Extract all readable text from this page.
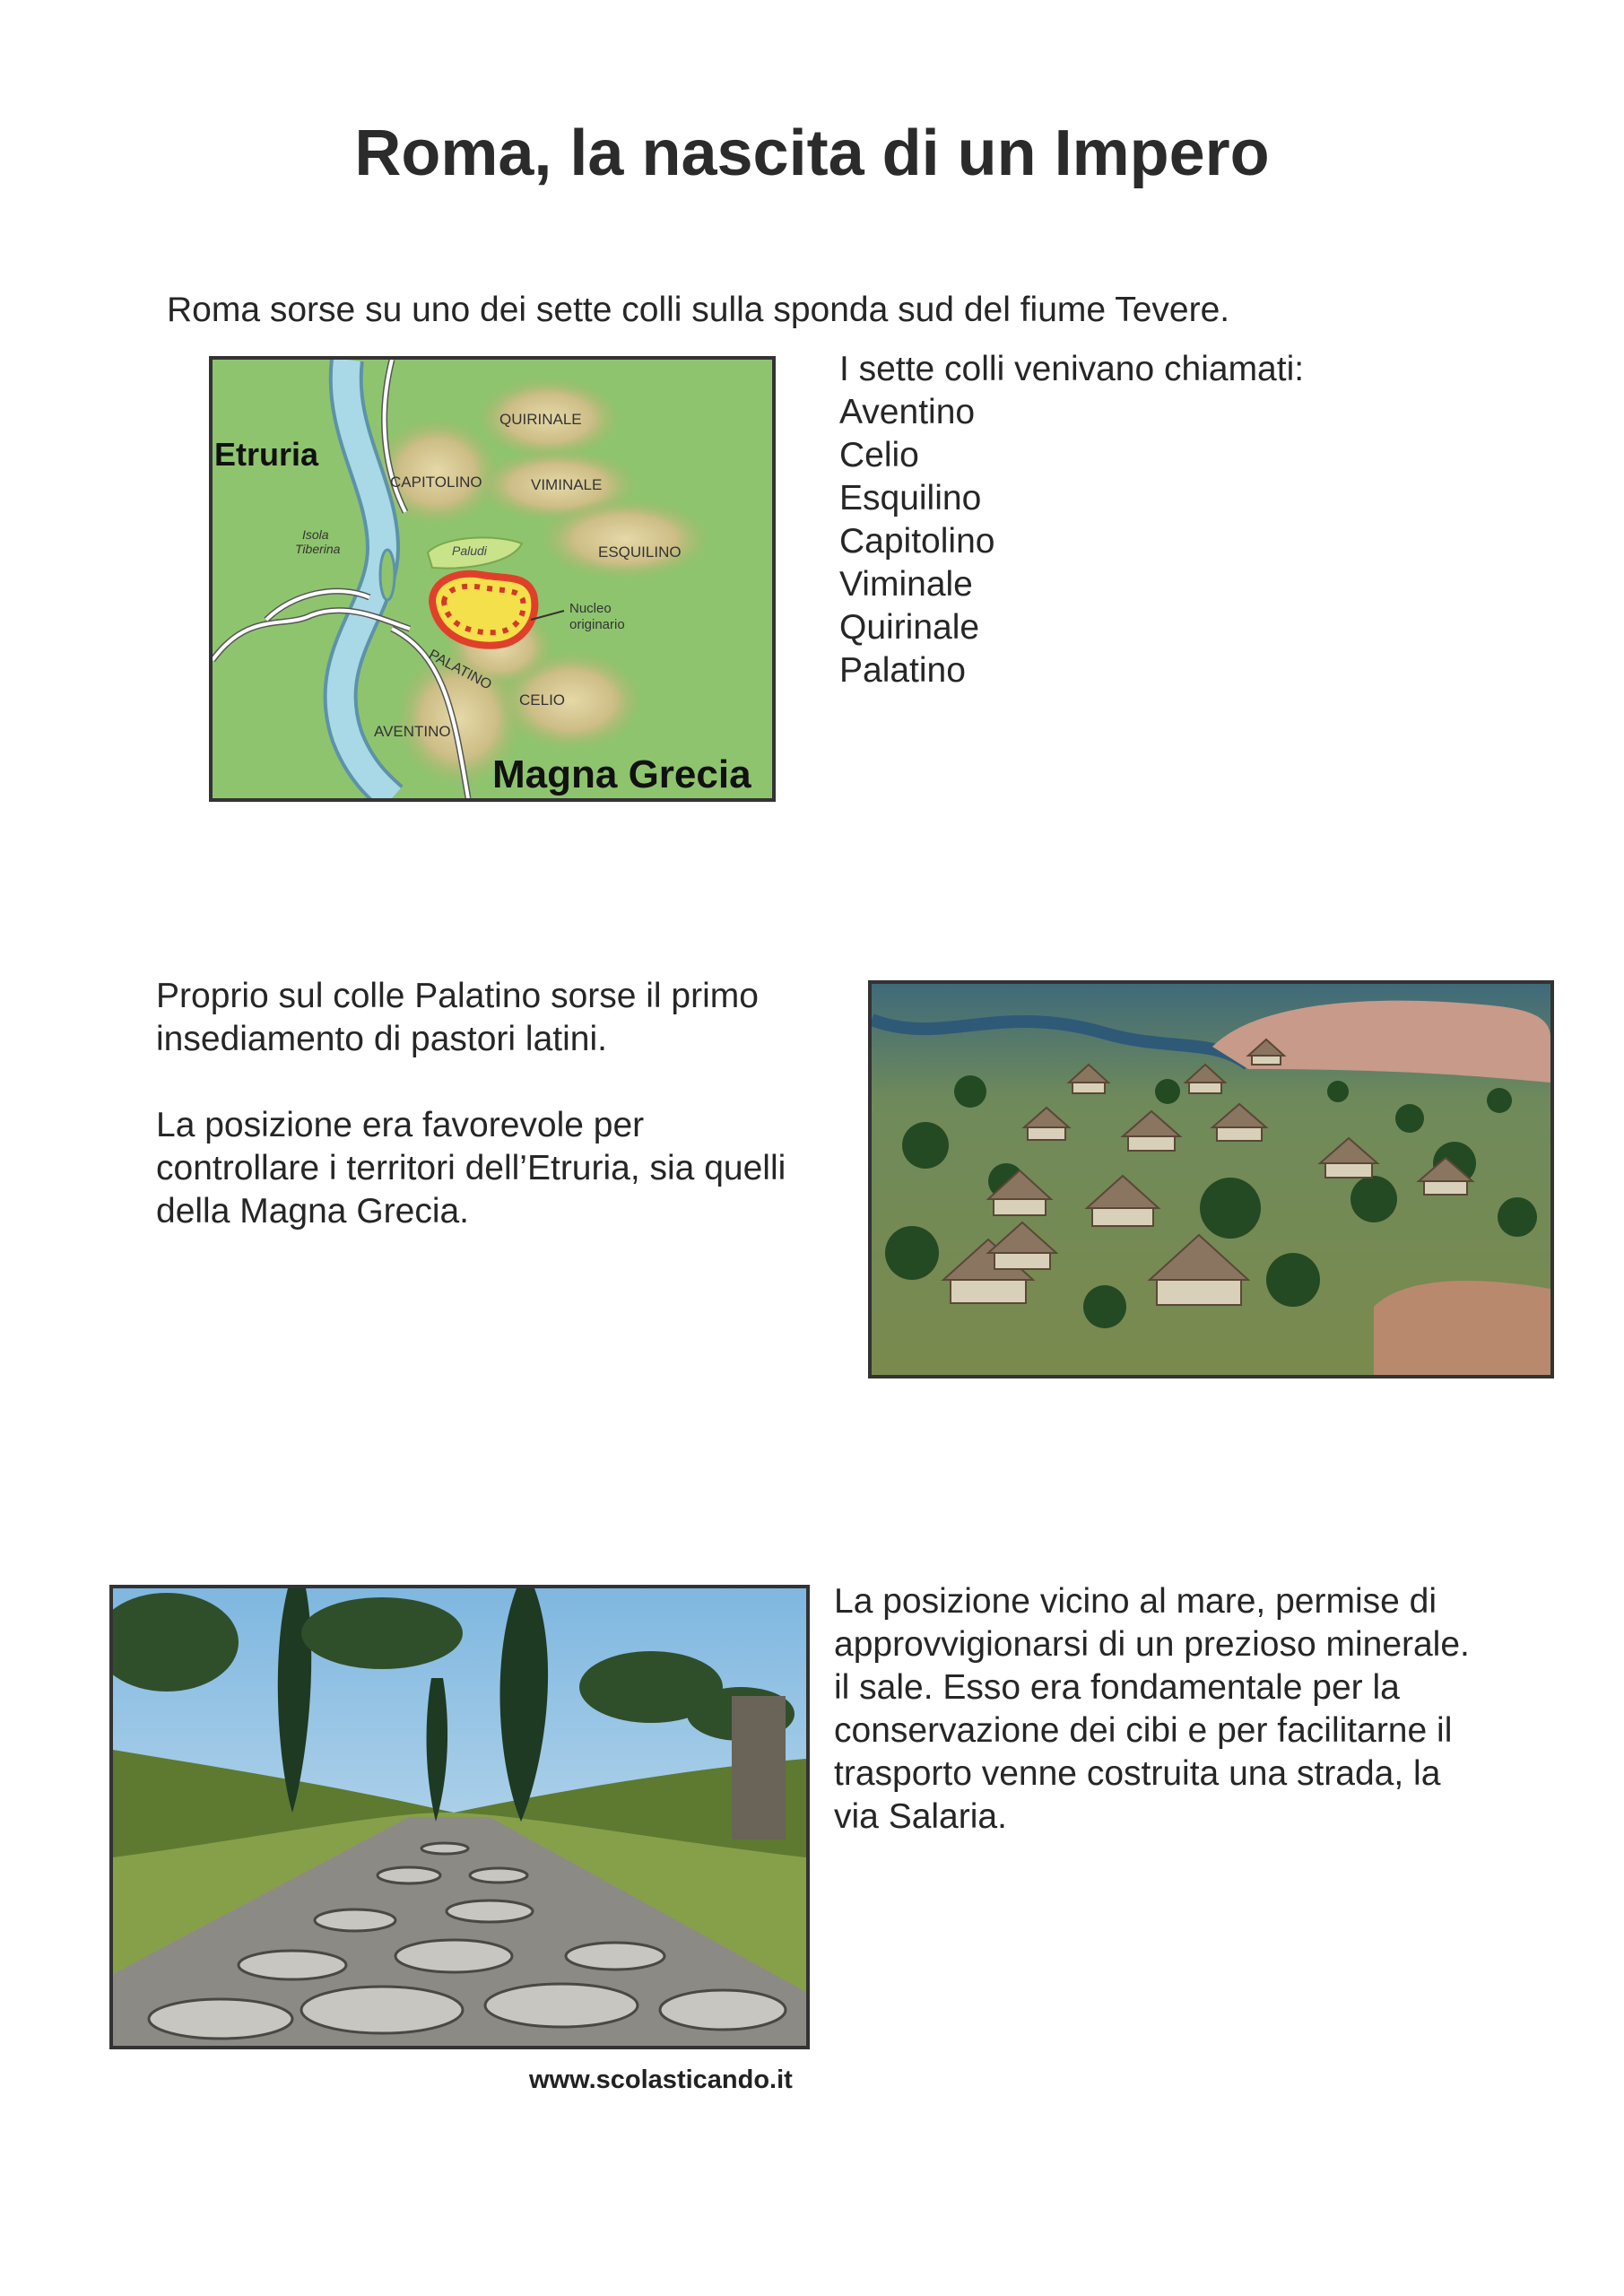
Roma, la nascita di un Impero
Roma sorse su uno dei sette colli sulla sponda sud del fiume Tevere.
Etruria
QUIRINALE
CAPITOLINO	VIMINALE
ESQUILINO
Isola
Tiberina	Paludi
Nucleo
originario
PALATINO
CELIO
AVENTINO
Magna Grecia
I sette colli venivano chiamati:
Aventino
Celio
Esquilino
Capitolino
Viminale
Quirinale
Palatino
Proprio sul colle Palatino sorse il primo
insediamento di pastori latini.
La posizione era favorevole per
controllare i territori dell’Etruria, sia quelli
della Magna Grecia.
La posizione vicino al mare, permise di
approvvigionarsi di un prezioso minerale.
il sale. Esso era fondamentale per la
conservazione dei cibi e per facilitarne il
trasporto venne costruita una strada, la
via Salaria.
www.scolasticando.it
